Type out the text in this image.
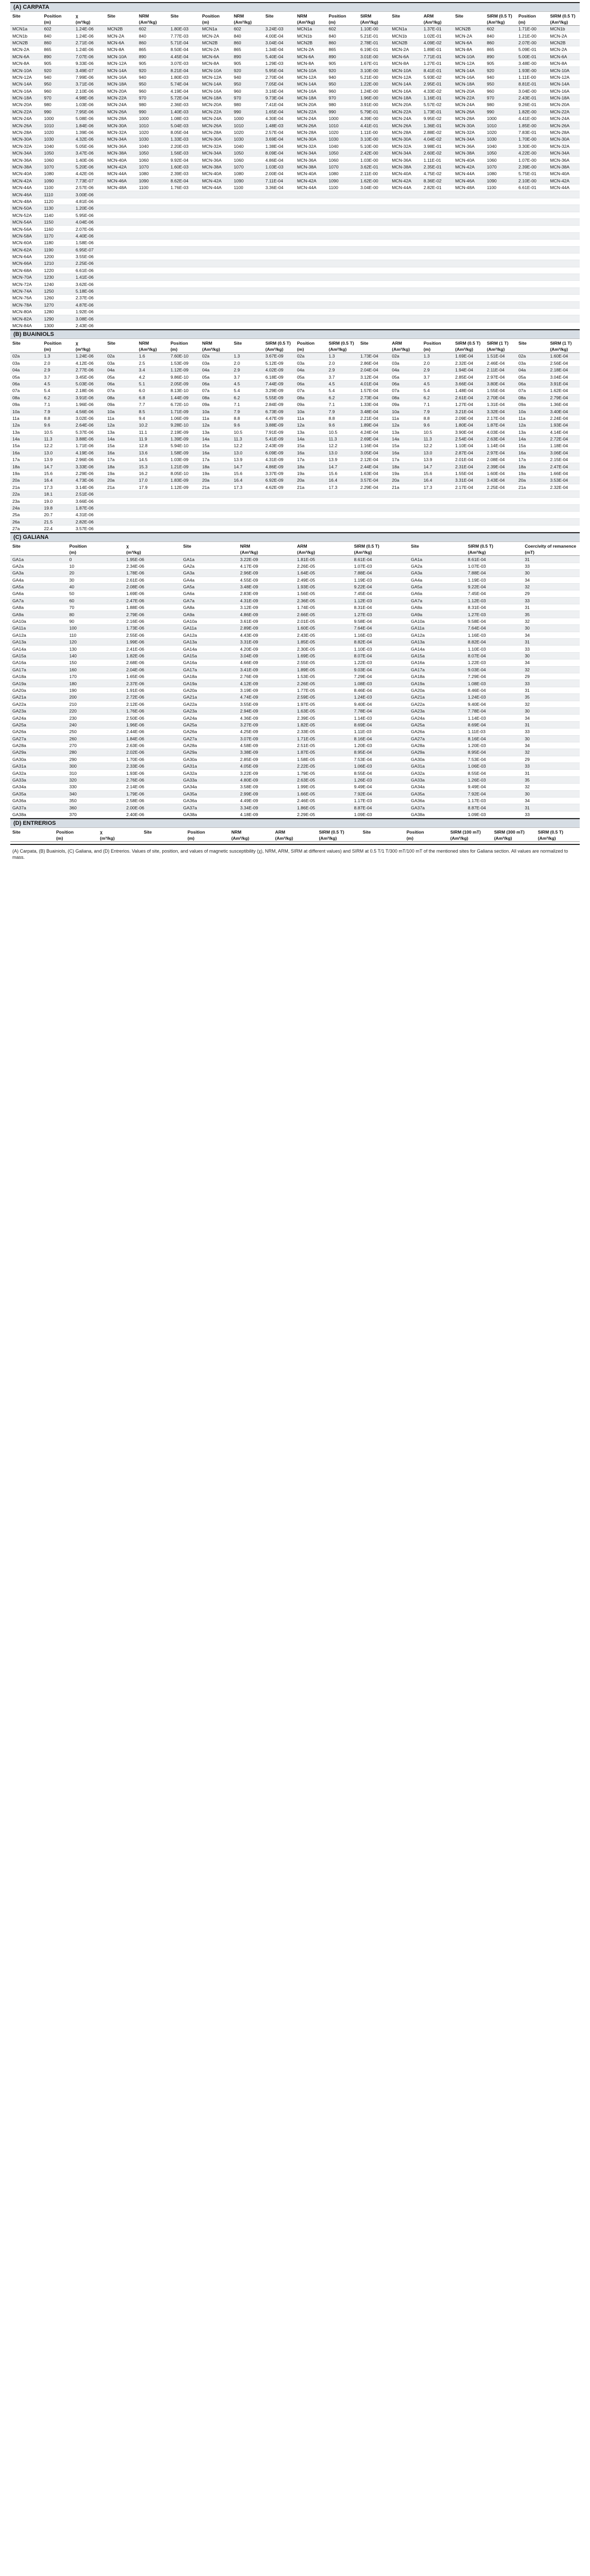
(A) CARPATA
Site	Position	χ	Site	NRM	Site	Position	NRM	Site	NRM	Position	SIRM	Site	ARM	Site	SIRM (0.5 T)	Position	SIRM (0.5 T)
	(m)	(m³/kg)		(Am²/kg)		(m)	(Am²/kg)		(Am²/kg)	(m)	(Am²/kg)		(Am²/kg)		(Am²/kg)	(m)	(Am²/kg)
MCN1a	602	1.24E-06	MCN2B	602	1.80E-03	MCN1a	602	3.24E-03	MCN1a	602	1.10E-00	MCN1a	1.37E-01	MCN2B	602	1.71E-00	MCN1b
MCN1b	840	1.24E-06	MCN-2A	840	7.77E-03	MCN-2A	840	4.00E-04	MCN1b	840	5.21E-01	MCN1b	1.02E-01	MCN-2A	840	1.21E-00	MCN-2A
MCN2B	860	2.71E-06	MCN-6A	860	5.71E-04	MCN2B	860	3.04E-04	MCN2B	860	2.78E-01	MCN2B	4.09E-02	MCN-6A	860	2.07E-00	MCN2B
MCN-2A	865	1.24E-06	MCN-8A	865	8.50E-04	MCN-2A	865	1.34E-04	MCN-2A	865	6.19E-01	MCN-2A	1.89E-01	MCN-8A	865	5.09E-01	MCN-2A
MCN-6A	890	7.07E-06	MCN-10A	890	4.45E-04	MCN-6A	890	5.40E-04	MCN-6A	890	3.01E-00	MCN-6A	7.71E-01	MCN-10A	890	5.00E-01	MCN-6A
MCN-8A	905	9.33E-06	MCN-12A	905	3.07E-03	MCN-8A	905	1.29E-03	MCN-8A	905	1.67E-01	MCN-8A	1.27E-01	MCN-12A	905	3.48E-00	MCN-8A
MCN-10A	920	3.49E-07	MCN-14A	920	8.21E-04	MCN-10A	920	5.95E-04	MCN-10A	920	3.10E-00	MCN-10A	8.41E-01	MCN-14A	920	1.93E-00	MCN-10A
MCN-12A	940	7.99E-06	MCN-16A	940	1.80E-03	MCN-12A	940	2.70E-04	MCN-12A	940	5.21E-00	MCN-12A	5.93E-02	MCN-16A	940	1.11E-00	MCN-12A
MCN-14A	950	3.71E-06	MCN-18A	950	5.74E-04	MCN-14A	950	7.05E-04	MCN-14A	950	1.22E-00	MCN-14A	2.95E-01	MCN-18A	950	8.81E-01	MCN-14A
MCN-16A	960	2.10E-06	MCN-20A	960	4.19E-04	MCN-16A	960	3.16E-04	MCN-16A	960	1.24E-00	MCN-16A	4.33E-02	MCN-20A	960	3.04E-00	MCN-16A
MCN-18A	970	4.98E-06	MCN-22A	970	5.72E-04	MCN-18A	970	9.73E-04	MCN-18A	970	1.96E-00	MCN-18A	1.16E-01	MCN-22A	970	2.43E-01	MCN-18A
MCN-20A	980	1.03E-06	MCN-24A	980	2.36E-03	MCN-20A	980	7.41E-04	MCN-20A	980	3.91E-00	MCN-20A	5.57E-02	MCN-24A	980	9.26E-01	MCN-20A
MCN-22A	990	7.95E-06	MCN-26A	990	1.40E-03	MCN-22A	990	1.65E-04	MCN-22A	990	5.79E-01	MCN-22A	1.73E-01	MCN-26A	990	1.82E-00	MCN-22A
MCN-24A	1000	5.08E-06	MCN-28A	1000	1.08E-03	MCN-24A	1000	4.30E-04	MCN-24A	1000	4.39E-00	MCN-24A	9.95E-02	MCN-28A	1000	4.41E-00	MCN-24A
MCN-26A	1010	1.84E-06	MCN-30A	1010	5.04E-03	MCN-26A	1010	1.48E-03	MCN-26A	1010	4.41E-01	MCN-26A	1.36E-01	MCN-30A	1010	1.85E-00	MCN-26A
MCN-28A	1020	1.39E-06	MCN-32A	1020	8.05E-04	MCN-28A	1020	2.57E-04	MCN-28A	1020	1.11E-00	MCN-28A	2.88E-02	MCN-32A	1020	7.83E-01	MCN-28A
MCN-30A	1030	4.32E-06	MCN-34A	1030	1.33E-03	MCN-30A	1030	3.69E-04	MCN-30A	1030	3.10E-00	MCN-30A	4.04E-02	MCN-34A	1030	1.70E-00	MCN-30A
MCN-32A	1040	5.05E-06	MCN-36A	1040	2.20E-03	MCN-32A	1040	1.38E-04	MCN-32A	1040	5.10E-00	MCN-32A	3.98E-01	MCN-36A	1040	3.30E-00	MCN-32A
MCN-34A	1050	3.47E-06	MCN-38A	1050	1.56E-03	MCN-34A	1050	8.09E-04	MCN-34A	1050	2.42E-00	MCN-34A	2.60E-02	MCN-38A	1050	4.22E-00	MCN-34A
MCN-36A	1060	1.40E-06	MCN-40A	1060	9.92E-04	MCN-36A	1060	4.86E-04	MCN-36A	1060	1.03E-00	MCN-36A	1.11E-01	MCN-40A	1060	1.07E-00	MCN-36A
MCN-38A	1070	5.20E-06	MCN-42A	1070	1.60E-03	MCN-38A	1070	1.03E-03	MCN-38A	1070	3.62E-01	MCN-38A	2.35E-01	MCN-42A	1070	2.39E-00	MCN-38A
MCN-40A	1080	4.42E-06	MCN-44A	1080	2.39E-03	MCN-40A	1080	2.00E-04	MCN-40A	1080	2.11E-00	MCN-40A	4.75E-02	MCN-44A	1080	5.75E-01	MCN-40A
MCN-42A	1090	7.73E-07	MCN-46A	1090	8.62E-04	MCN-42A	1090	7.11E-04	MCN-42A	1090	1.62E-00	MCN-42A	8.36E-02	MCN-46A	1090	2.10E-00	MCN-42A
MCN-44A	1100	2.57E-06	MCN-48A	1100	1.76E-03	MCN-44A	1100	3.36E-04	MCN-44A	1100	3.04E-00	MCN-44A	2.82E-01	MCN-48A	1100	6.61E-01	MCN-44A
MCN-46A	1110	3.00E-06															
MCN-48A	1120	4.81E-06															
MCN-50A	1130	1.20E-06															
MCN-52A	1140	5.95E-06															
MCN-54A	1150	4.04E-06															
MCN-56A	1160	2.07E-06															
MCN-58A	1170	4.40E-06															
MCN-60A	1180	1.58E-06															
MCN-62A	1190	6.95E-07															
MCN-64A	1200	3.55E-06															
MCN-66A	1210	2.25E-06															
MCN-68A	1220	6.61E-06															
MCN-70A	1230	1.41E-06															
MCN-72A	1240	3.62E-06															
MCN-74A	1250	5.18E-06															
MCN-76A	1260	2.37E-06															
MCN-78A	1270	4.87E-06															
MCN-80A	1280	1.92E-06															
MCN-82A	1290	3.08E-06															
MCN-84A	1300	2.43E-06															
(B) BUAINIOLS
Site	Position	χ	Site	NRM	Position	NRM	Site	SIRM (0.5 T)	Position	SIRM (0.5 T)	Site	ARM	Position	SIRM (0.5 T)	SIRM (1 T)	Site	SIRM (1 T)
	(m)	(m³/kg)		(Am²/kg)	(m)	(Am²/kg)		(Am²/kg)	(m)	(Am²/kg)		(Am²/kg)	(m)	(Am²/kg)	(Am²/kg)		(Am²/kg)
02a	1.3	1.24E-06	02a	1.6	7.60E-10	02a	1.3	3.67E-09	02a	1.3	1.73E-04	02a	1.3	1.69E-04	1.51E-04	02a	1.60E-04
03a	2.0	4.12E-06	03a	2.5	1.53E-09	03a	2.0	5.12E-09	03a	2.0	2.86E-04	03a	2.0	2.32E-04	2.46E-04	03a	2.56E-04
04a	2.9	2.77E-06	04a	3.4	1.12E-09	04a	2.9	4.02E-09	04a	2.9	2.04E-04	04a	2.9	1.94E-04	2.11E-04	04a	2.18E-04
05a	3.7	3.45E-06	05a	4.2	9.86E-10	05a	3.7	6.18E-09	05a	3.7	3.12E-04	05a	3.7	2.85E-04	2.97E-04	05a	3.04E-04
06a	4.5	5.03E-06	06a	5.1	2.05E-09	06a	4.5	7.44E-09	06a	4.5	4.01E-04	06a	4.5	3.66E-04	3.80E-04	06a	3.91E-04
07a	5.4	2.18E-06	07a	6.0	8.13E-10	07a	5.4	3.29E-09	07a	5.4	1.57E-04	07a	5.4	1.48E-04	1.55E-04	07a	1.62E-04
08a	6.2	3.91E-06	08a	6.8	1.44E-09	08a	6.2	5.55E-09	08a	6.2	2.73E-04	08a	6.2	2.61E-04	2.70E-04	08a	2.79E-04
09a	7.1	1.96E-06	09a	7.7	6.72E-10	09a	7.1	2.84E-09	09a	7.1	1.33E-04	09a	7.1	1.27E-04	1.31E-04	09a	1.36E-04
10a	7.9	4.56E-06	10a	8.5	1.71E-09	10a	7.9	6.73E-09	10a	7.9	3.48E-04	10a	7.9	3.21E-04	3.32E-04	10a	3.40E-04
11a	8.8	3.02E-06	11a	9.4	1.06E-09	11a	8.8	4.47E-09	11a	8.8	2.21E-04	11a	8.8	2.09E-04	2.17E-04	11a	2.24E-04
12a	9.6	2.64E-06	12a	10.2	9.28E-10	12a	9.6	3.88E-09	12a	9.6	1.89E-04	12a	9.6	1.80E-04	1.87E-04	12a	1.93E-04
13a	10.5	5.37E-06	13a	11.1	2.19E-09	13a	10.5	7.91E-09	13a	10.5	4.24E-04	13a	10.5	3.90E-04	4.03E-04	13a	4.14E-04
14a	11.3	3.88E-06	14a	11.9	1.39E-09	14a	11.3	5.41E-09	14a	11.3	2.69E-04	14a	11.3	2.54E-04	2.63E-04	14a	2.72E-04
15a	12.2	1.71E-06	15a	12.8	5.94E-10	15a	12.2	2.43E-09	15a	12.2	1.16E-04	15a	12.2	1.10E-04	1.14E-04	15a	1.18E-04
16a	13.0	4.19E-06	16a	13.6	1.58E-09	16a	13.0	6.09E-09	16a	13.0	3.05E-04	16a	13.0	2.87E-04	2.97E-04	16a	3.06E-04
17a	13.9	2.96E-06	17a	14.5	1.03E-09	17a	13.9	4.31E-09	17a	13.9	2.12E-04	17a	13.9	2.01E-04	2.08E-04	17a	2.15E-04
18a	14.7	3.33E-06	18a	15.3	1.21E-09	18a	14.7	4.86E-09	18a	14.7	2.44E-04	18a	14.7	2.31E-04	2.39E-04	18a	2.47E-04
19a	15.6	2.29E-06	19a	16.2	8.05E-10	19a	15.6	3.37E-09	19a	15.6	1.63E-04	19a	15.6	1.55E-04	1.60E-04	19a	1.66E-04
20a	16.4	4.73E-06	20a	17.0	1.83E-09	20a	16.4	6.92E-09	20a	16.4	3.57E-04	20a	16.4	3.31E-04	3.43E-04	20a	3.53E-04
21a	17.3	3.14E-06	21a	17.9	1.12E-09	21a	17.3	4.62E-09	21a	17.3	2.29E-04	21a	17.3	2.17E-04	2.25E-04	21a	2.32E-04
22a	18.1	2.51E-06															
23a	19.0	3.66E-06															
24a	19.8	1.87E-06															
25a	20.7	4.31E-06															
26a	21.5	2.82E-06															
27a	22.4	3.57E-06															
(C) GALIANA
Site	Position	χ	Site	NRM	ARM	SIRM (0.5 T)	Site	SIRM (0.5 T)	Coercivity of remanence
	(m)	(m³/kg)		(Am²/kg)	(Am²/kg)	(Am²/kg)		(Am²/kg)	(mT)
GA1a	0	1.95E-06	GA1a	3.22E-09	1.81E-05	8.61E-04	GA1a	8.61E-04	31
GA2a	10	2.34E-06	GA2a	4.17E-09	2.26E-05	1.07E-03	GA2a	1.07E-03	33
GA3a	20	1.78E-06	GA3a	2.96E-09	1.64E-05	7.88E-04	GA3a	7.88E-04	30
GA4a	30	2.61E-06	GA4a	4.55E-09	2.49E-05	1.19E-03	GA4a	1.19E-03	34
GA5a	40	2.08E-06	GA5a	3.48E-09	1.93E-05	9.22E-04	GA5a	9.22E-04	32
GA6a	50	1.69E-06	GA6a	2.83E-09	1.56E-05	7.45E-04	GA6a	7.45E-04	29
GA7a	60	2.47E-06	GA7a	4.31E-09	2.36E-05	1.12E-03	GA7a	1.12E-03	33
GA8a	70	1.88E-06	GA8a	3.12E-09	1.74E-05	8.31E-04	GA8a	8.31E-04	31
GA9a	80	2.79E-06	GA9a	4.86E-09	2.66E-05	1.27E-03	GA9a	1.27E-03	35
GA10a	90	2.16E-06	GA10a	3.61E-09	2.01E-05	9.58E-04	GA10a	9.58E-04	32
GA11a	100	1.73E-06	GA11a	2.89E-09	1.60E-05	7.64E-04	GA11a	7.64E-04	30
GA12a	110	2.55E-06	GA12a	4.43E-09	2.43E-05	1.16E-03	GA12a	1.16E-03	34
GA13a	120	1.99E-06	GA13a	3.31E-09	1.85E-05	8.82E-04	GA13a	8.82E-04	31
GA14a	130	2.41E-06	GA14a	4.20E-09	2.30E-05	1.10E-03	GA14a	1.10E-03	33
GA15a	140	1.82E-06	GA15a	3.04E-09	1.69E-05	8.07E-04	GA15a	8.07E-04	30
GA16a	150	2.68E-06	GA16a	4.66E-09	2.55E-05	1.22E-03	GA16a	1.22E-03	34
GA17a	160	2.04E-06	GA17a	3.41E-09	1.89E-05	9.03E-04	GA17a	9.03E-04	32
GA18a	170	1.65E-06	GA18a	2.76E-09	1.53E-05	7.29E-04	GA18a	7.29E-04	29
GA19a	180	2.37E-06	GA19a	4.12E-09	2.26E-05	1.08E-03	GA19a	1.08E-03	33
GA20a	190	1.91E-06	GA20a	3.19E-09	1.77E-05	8.46E-04	GA20a	8.46E-04	31
GA21a	200	2.72E-06	GA21a	4.74E-09	2.59E-05	1.24E-03	GA21a	1.24E-03	35
GA22a	210	2.12E-06	GA22a	3.55E-09	1.97E-05	9.40E-04	GA22a	9.40E-04	32
GA23a	220	1.76E-06	GA23a	2.94E-09	1.63E-05	7.78E-04	GA23a	7.78E-04	30
GA24a	230	2.50E-06	GA24a	4.36E-09	2.39E-05	1.14E-03	GA24a	1.14E-03	34
GA25a	240	1.96E-06	GA25a	3.27E-09	1.82E-05	8.69E-04	GA25a	8.69E-04	31
GA26a	250	2.44E-06	GA26a	4.25E-09	2.33E-05	1.11E-03	GA26a	1.11E-03	33
GA27a	260	1.84E-06	GA27a	3.07E-09	1.71E-05	8.16E-04	GA27a	8.16E-04	30
GA28a	270	2.63E-06	GA28a	4.58E-09	2.51E-05	1.20E-03	GA28a	1.20E-03	34
GA29a	280	2.02E-06	GA29a	3.38E-09	1.87E-05	8.95E-04	GA29a	8.95E-04	32
GA30a	290	1.70E-06	GA30a	2.85E-09	1.58E-05	7.53E-04	GA30a	7.53E-04	29
GA31a	300	2.33E-06	GA31a	4.05E-09	2.22E-05	1.06E-03	GA31a	1.06E-03	33
GA32a	310	1.93E-06	GA32a	3.22E-09	1.79E-05	8.55E-04	GA32a	8.55E-04	31
GA33a	320	2.76E-06	GA33a	4.80E-09	2.63E-05	1.26E-03	GA33a	1.26E-03	35
GA34a	330	2.14E-06	GA34a	3.58E-09	1.99E-05	9.49E-04	GA34a	9.49E-04	32
GA35a	340	1.79E-06	GA35a	2.99E-09	1.66E-05	7.92E-04	GA35a	7.92E-04	30
GA36a	350	2.58E-06	GA36a	4.49E-09	2.46E-05	1.17E-03	GA36a	1.17E-03	34
GA37a	360	2.00E-06	GA37a	3.34E-09	1.86E-05	8.87E-04	GA37a	8.87E-04	31
GA38a	370	2.40E-06	GA38a	4.18E-09	2.29E-05	1.09E-03	GA38a	1.09E-03	33
(D) ENTRERIOS
Site	Position	χ	Site	Position	NRM	ARM	SIRM (0.5 T)	Site	Position	SIRM (100 mT)	SIRM (300 mT)	SIRM (0.5 T)
	(m)	(m³/kg)		(m)	(Am²/kg)	(Am²/kg)	(Am²/kg)		(m)	(Am²/kg)	(Am²/kg)	(Am²/kg)
(A) Carpata, (B) Buainiols, (C) Galiana, and (D) Entrerios. Values of site, position, and values of magnetic susceptibility (χ), NRM, ARM, SIRM at different values) and SIRM at 0.5 T/1 T/300 mT/100 mT of the mentioned sites for Galiana section. All values are normalized to mass.
